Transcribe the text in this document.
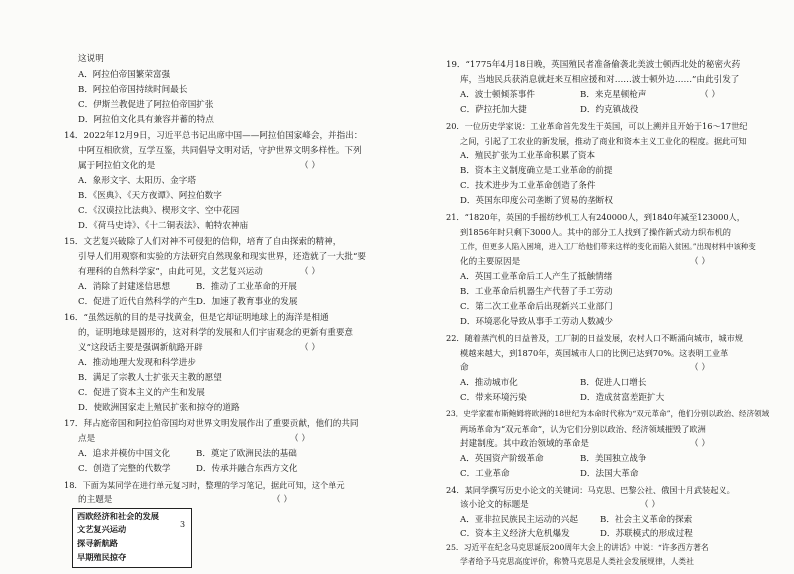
这说明
A．阿拉伯帝国繁荣富强
B．阿拉伯帝国持续时间最长
C．伊斯兰教促进了阿拉伯帝国扩张
D．阿拉伯文化具有兼容并蓄的特点
14．2022年12月9日，习近平总书记出席中国——阿拉伯国家峰会，并指出：
中阿互相欣赏，互学互鉴，共同倡导文明对话，守护世界文明多样性。下列
属于阿拉伯文化的是	（ ）
A．象形文字、太阳历、金字塔
B．《医典》、《天方夜谭》、阿拉伯数字
C．《汉谟拉比法典》、楔形文字、空中花园
D．《荷马史诗》、《十二铜表法》、帕特农神庙
15．文艺复兴破除了人们对神不可侵犯的信仰，培育了自由探索的精神，
引导人们用观察和实验的方法研究自然现象和现实世界，还造就了一大批“要
有理科的自然科学家”，由此可见，文艺复兴运动	（ ）
A．消除了封建迷信思想	B．推动了工业革命的开展
C．促进了近代自然科学的产生 D．加速了教育事业的发展
16．“虽然远航的目的是寻找黄金，但是它却证明地球上的海洋是相通
的，证明地球是圆形的，这对科学的发展和人们宇宙观念的更新有重要意
义”这段话主要是强调新航路开辟	（ ）
A．推动地理大发现和科学进步
B．满足了宗教人士扩张天主教的愿望
C．促进了资本主义的产生和发展
D．使欧洲国家走上殖民扩张和掠夺的道路
17．拜占庭帝国和阿拉伯帝国均对世界文明发展作出了重要贡献，他们的共同
点是	（ ）
A．追求并模仿中国文化	B．奠定了欧洲民法的基础
C．创造了完整的代数学	D．传承并融合东西方文化
18．下面为某同学在进行单元复习时，整理的学习笔记，据此可知，这个单元
的主题是	（ ）
西欧经济和社会的发展
文艺复兴运动
探寻新航路
早期殖民掠夺
3
19．“1775年4月18日晚，英国殖民者准备偷袭北美波士顿西北处的秘密火药
库，当地民兵获消息就赶来互相应援和对……波士顿外边……”由此引发了
（ ）
A．波士顿倾茶事件	B．来克星顿枪声
C．萨拉托加大捷	D．约克镇战役
20．一位历史学家说：工业革命首先发生于英国，可以上溯并且开始于16～17世纪
之间，引起了工农业的新发展，推动了商业和资本主义工业化的程度。据此可知
A．殖民扩张为工业革命积累了资本
B．资本主义制度确立是工业革命的前提
C．技术进步为工业革命创造了条件
D．英国东印度公司垄断了贸易的垄断权
21．“1820年，英国的手摇纺纱机工人有240000人，到1840年减至123000人，
到1856年时只剩下3000人。其中的部分工人找到了操作新式动力织布机的
工作，但更多人陷入困境，进入工厂给他们带来这样的变化而陷入贫困。”出现材料中该种变
化的主要原因是	（ ）
A．英国工业革命后工人产生了抵触情绪
B．工业革命后机器生产代替了手工劳动
C．第二次工业革命后出现新兴工业部门
D．环境恶化导致从事手工劳动人数减少
22．随着蒸汽机的日益普及，工厂制的日益发展，农村人口不断涌向城市，城市规
模越来越大，到1870年，英国城市人口的比例已达到70%。这表明工业革
命	（ ）
A．推动城市化	B．促进人口增长
C．带来环境污染	D．造成贫富差距扩大
23．史学家霍布斯鲍姆将欧洲的18世纪为本命时代称为“双元革命”，他们分别以政治、经济领域
两场革命为“双元革命”，认为它们分别以政治、经济领域摧毁了欧洲
封建制度。其中政治领域的革命是	（ ）
A．英国资产阶级革命	B．美国独立战争
C．工业革命	D．法国大革命
24．某同学撰写历史小论文的关键词：马克思、巴黎公社、俄国十月武装起义。
该小论文的标题是	（ ）
A．亚非拉民族民主运动的兴起	B．社会主义革命的探索
C．资本主义经济大危机爆发	D．苏联模式的形成过程
25．习近平在纪念马克思诞辰200周年大会上的讲话》中说：“许多西方著名
学者给予马克思高度评价，称赞马克思是人类社会发展规律，人类社
